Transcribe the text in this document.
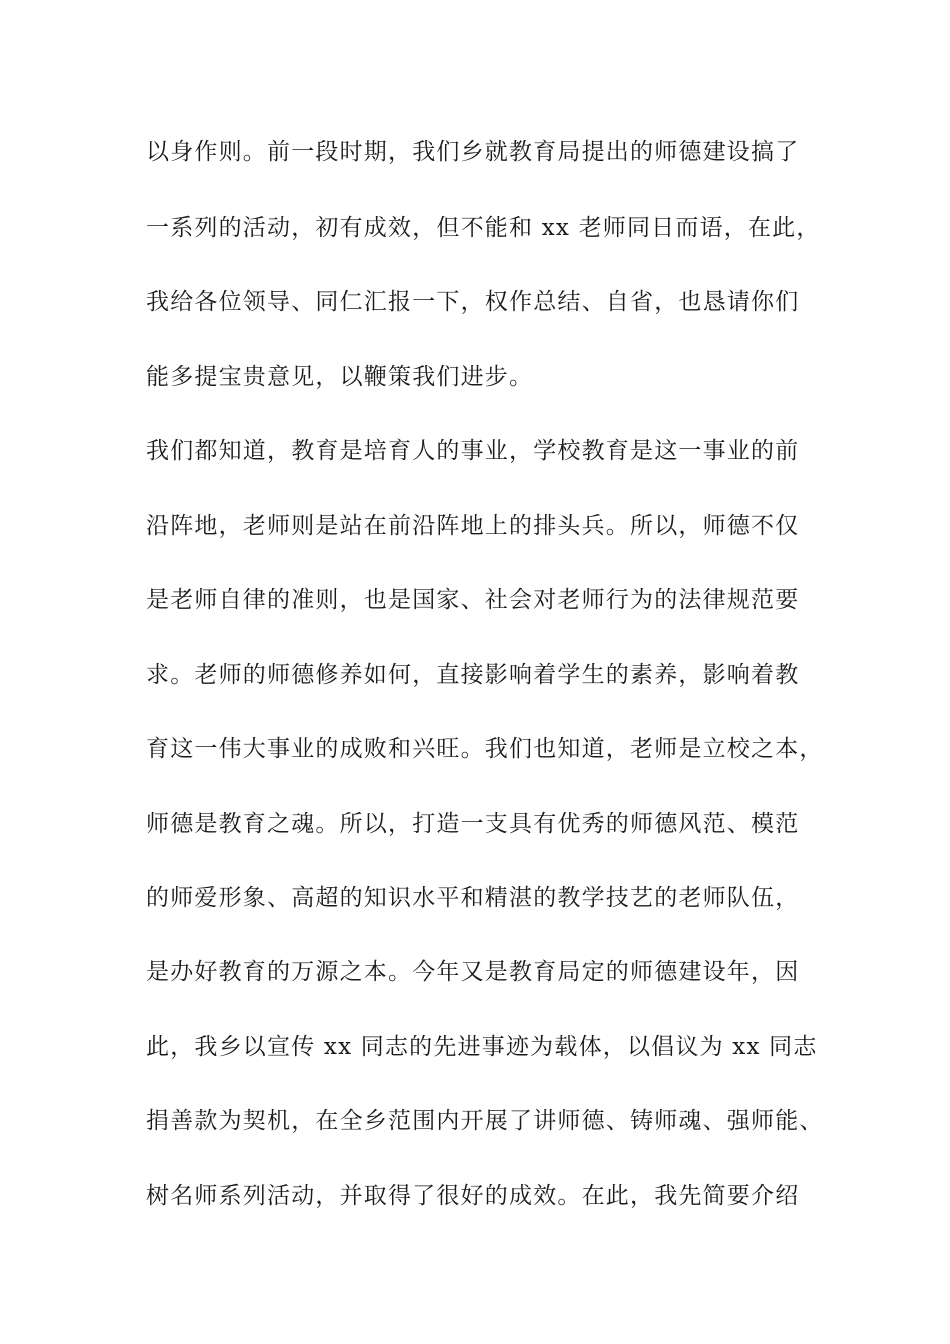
以身作则。前一段时期，我们乡就教育局提出的师德建设搞了
一系列的活动，初有成效，但不能和 xx 老师同日而语，在此，
我给各位领导、同仁汇报一下，权作总结、自省，也恳请你们
能多提宝贵意见，以鞭策我们进步。
我们都知道，教育是培育人的事业，学校教育是这一事业的前
沿阵地，老师则是站在前沿阵地上的排头兵。所以，师德不仅
是老师自律的准则，也是国家、社会对老师行为的法律规范要
求。老师的师德修养如何，直接影响着学生的素养，影响着教
育这一伟大事业的成败和兴旺。我们也知道，老师是立校之本，
师德是教育之魂。所以，打造一支具有优秀的师德风范、模范
的师爱形象、高超的知识水平和精湛的教学技艺的老师队伍，
是办好教育的万源之本。今年又是教育局定的师德建设年，因
此，我乡以宣传 xx 同志的先进事迹为载体，以倡议为 xx 同志
捐善款为契机，在全乡范围内开展了讲师德、铸师魂、强师能、
树名师系列活动，并取得了很好的成效。在此，我先简要介绍
